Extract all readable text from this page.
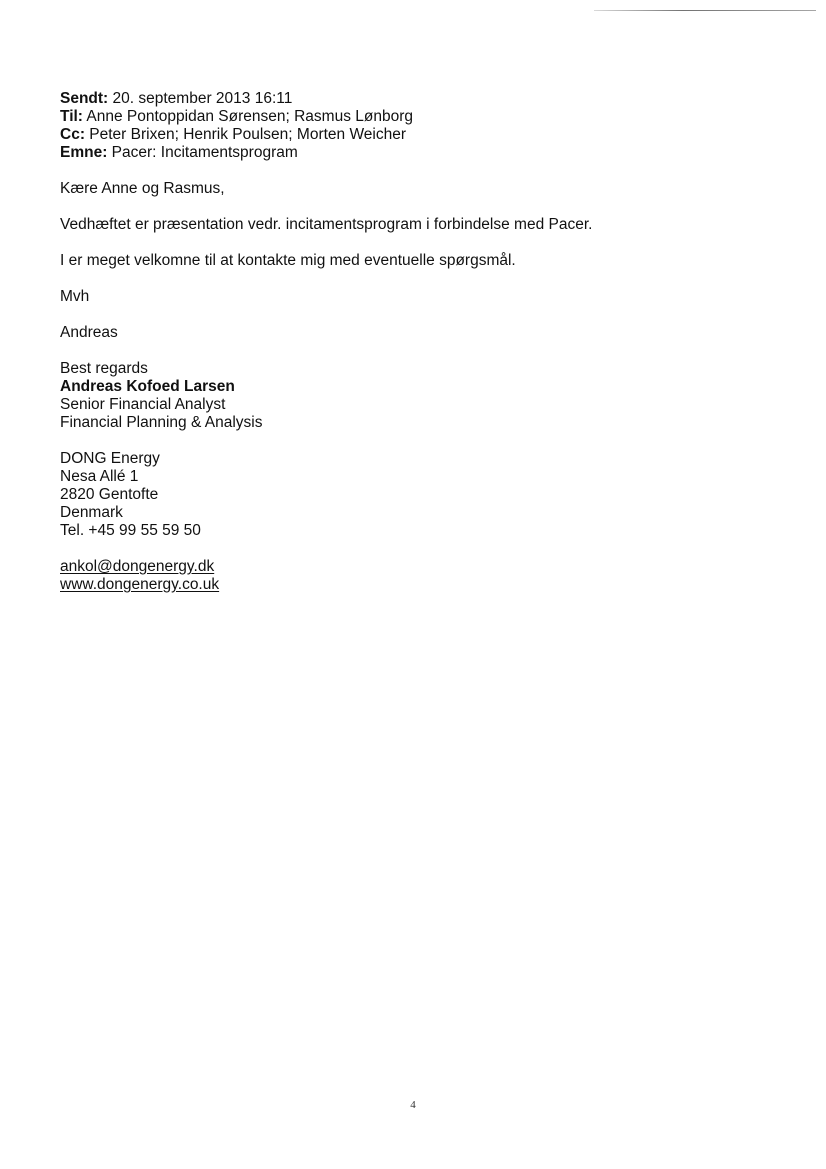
Sendt: 20. september 2013 16:11
Til: Anne Pontoppidan Sørensen; Rasmus Lønborg
Cc: Peter Brixen; Henrik Poulsen; Morten Weicher
Emne: Pacer: Incitamentsprogram

Kære Anne og Rasmus,

Vedhæftet er præsentation vedr. incitamentsprogram i forbindelse med Pacer.

I er meget velkomne til at kontakte mig med eventuelle spørgsmål.

Mvh

Andreas

Best regards
Andreas Kofoed Larsen
Senior Financial Analyst
Financial Planning & Analysis
DONG Energy
Nesa Allé 1
2820 Gentofte
Denmark
Tel. +45 99 55 59 50
ankol@dongenergy.dk
www.dongenergy.co.uk
4
